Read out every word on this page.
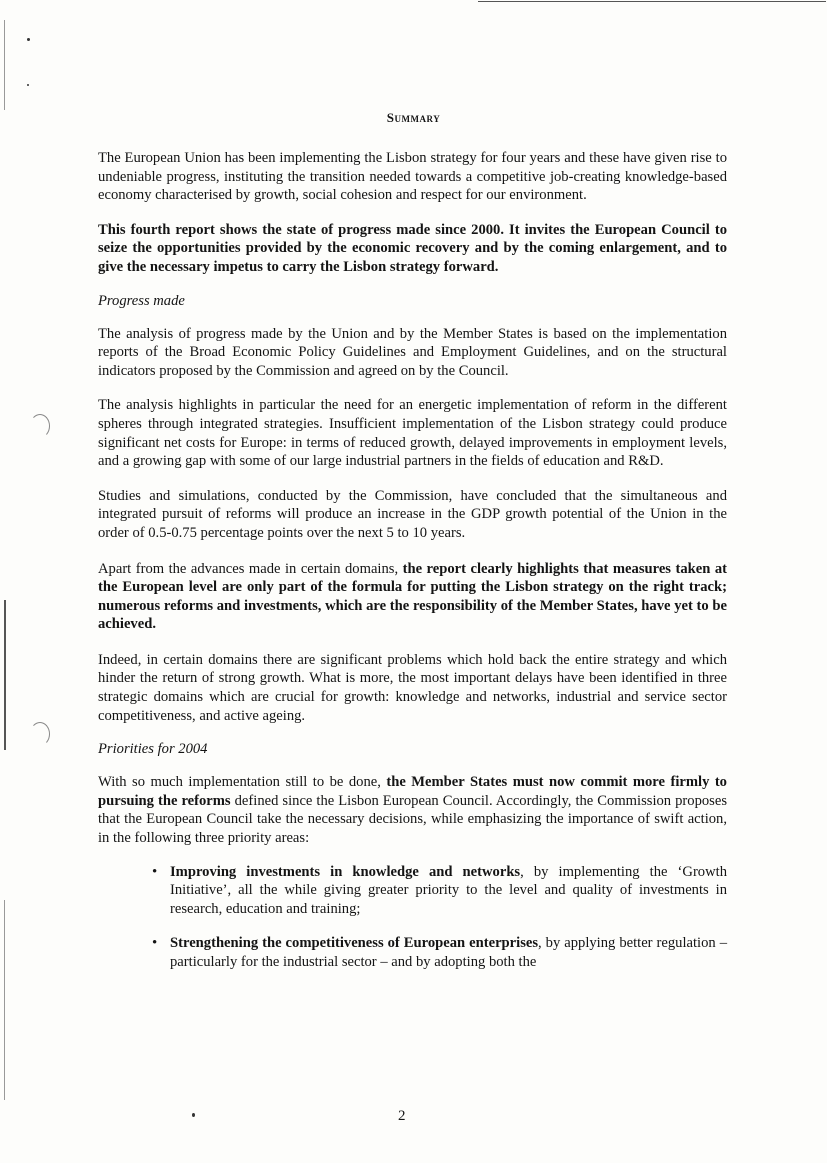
Summary

The European Union has been implementing the Lisbon strategy for four years and these have given rise to undeniable progress, instituting the transition needed towards a competitive job-creating knowledge-based economy characterised by growth, social cohesion and respect for our environment.

This fourth report shows the state of progress made since 2000. It invites the European Council to seize the opportunities provided by the economic recovery and by the coming enlargement, and to give the necessary impetus to carry the Lisbon strategy forward.

Progress made

The analysis of progress made by the Union and by the Member States is based on the implementation reports of the Broad Economic Policy Guidelines and Employment Guidelines, and on the structural indicators proposed by the Commission and agreed on by the Council.

The analysis highlights in particular the need for an energetic implementation of reform in the different spheres through integrated strategies. Insufficient implementation of the Lisbon strategy could produce significant net costs for Europe: in terms of reduced growth, delayed improvements in employment levels, and a growing gap with some of our large industrial partners in the fields of education and R&D.

Studies and simulations, conducted by the Commission, have concluded that the simultaneous and integrated pursuit of reforms will produce an increase in the GDP growth potential of the Union in the order of 0.5-0.75 percentage points over the next 5 to 10 years.

Apart from the advances made in certain domains, the report clearly highlights that measures taken at the European level are only part of the formula for putting the Lisbon strategy on the right track; numerous reforms and investments, which are the responsibility of the Member States, have yet to be achieved.

Indeed, in certain domains there are significant problems which hold back the entire strategy and which hinder the return of strong growth. What is more, the most important delays have been identified in three strategic domains which are crucial for growth: knowledge and networks, industrial and service sector competitiveness, and active ageing.

Priorities for 2004

With so much implementation still to be done, the Member States must now commit more firmly to pursuing the reforms defined since the Lisbon European Council. Accordingly, the Commission proposes that the European Council take the necessary decisions, while emphasizing the importance of swift action, in the following three priority areas:

• Improving investments in knowledge and networks, by implementing the ‘Growth Initiative’, all the while giving greater priority to the level and quality of investments in research, education and training;

• Strengthening the competitiveness of European enterprises, by applying better regulation – particularly for the industrial sector – and by adopting both the

2
